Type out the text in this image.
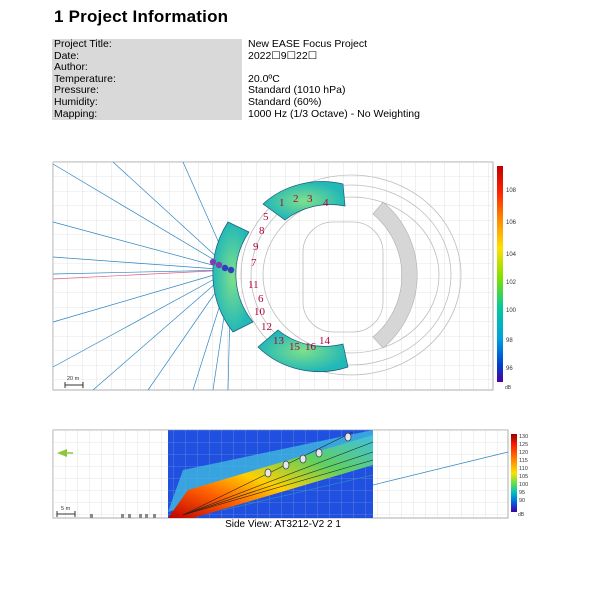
1 Project Information
Project Title:	New EASE Focus Project
Date:	2022☐9☐22☐
Author:	
Temperature:	20.0ºC
Pressure:	Standard (1010 hPa)
Humidity:	Standard (60%)
Mapping:	1000 Hz (1/3 Octave) - No Weighting
1 2 3 4
5
6
7
8
9
10
11
12
13	14
15 16
20 m
108
106
104
102
100
98
96
dB
5 m
130
125
120
115
110
105
100
95
90
dB
Side View: AT3212-V2 2 1
